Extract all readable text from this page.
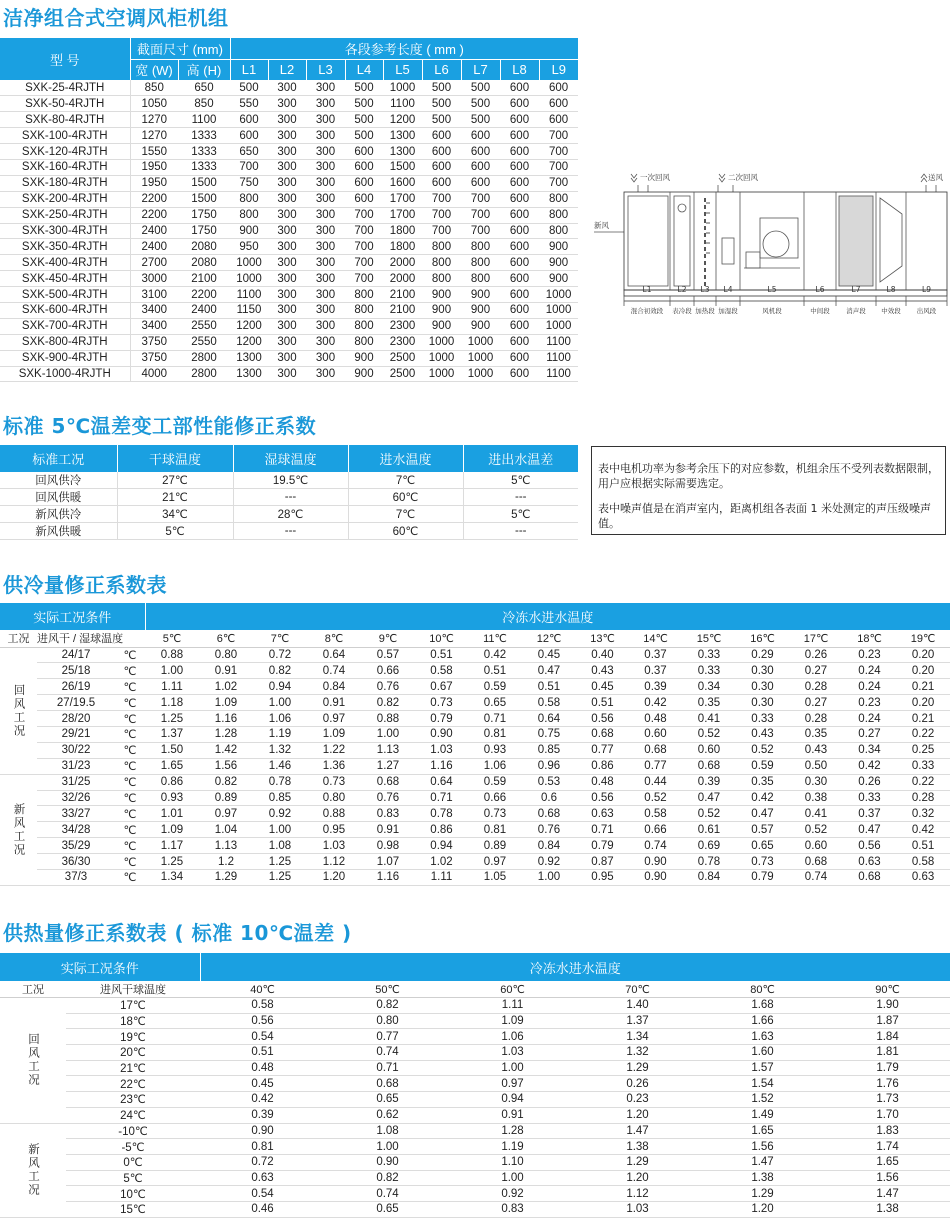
洁净组合式空调风柜机组
标准 5℃温差变工部性能修正系数
供冷量修正系数表
供热量修正系数表 ( 标准 10℃温差 )
型 号	截面尺寸 (mm)		各段参考长度 ( mm )								
	宽 (W)	高 (H)	L1	L2	L3	L4	L5	L6	L7	L8	L9
SXK-25-4RJTH	850	650	500	300	300	500	1000	500	500	600	600
SXK-50-4RJTH	1050	850	550	300	300	500	1100	500	500	600	600
SXK-80-4RJTH	1270	1100	600	300	300	500	1200	500	500	600	600
SXK-100-4RJTH	1270	1333	600	300	300	500	1300	600	600	600	700
SXK-120-4RJTH	1550	1333	650	300	300	600	1300	600	600	600	700
SXK-160-4RJTH	1950	1333	700	300	300	600	1500	600	600	600	700
SXK-180-4RJTH	1950	1500	750	300	300	600	1600	600	600	600	700
SXK-200-4RJTH	2200	1500	800	300	300	600	1700	700	700	600	800
SXK-250-4RJTH	2200	1750	800	300	300	700	1700	700	700	600	800
SXK-300-4RJTH	2400	1750	900	300	300	700	1800	700	700	600	800
SXK-350-4RJTH	2400	2080	950	300	300	700	1800	800	800	600	900
SXK-400-4RJTH	2700	2080	1000	300	300	700	2000	800	800	600	900
SXK-450-4RJTH	3000	2100	1000	300	300	700	2000	800	800	600	900
SXK-500-4RJTH	3100	2200	1100	300	300	800	2100	900	900	600	1000
SXK-600-4RJTH	3400	2400	1150	300	300	800	2100	900	900	600	1000
SXK-700-4RJTH	3400	2550	1200	300	300	800	2300	900	900	600	1000
SXK-800-4RJTH	3750	2550	1200	300	300	800	2300	1000	1000	600	1100
SXK-900-4RJTH	3750	2800	1300	300	300	900	2500	1000	1000	600	1100
SXK-1000-4RJTH	4000	2800	1300	300	300	900	2500	1000	1000	600	1100
一次回风	二次回风	送风
新风
L1
混合初效段
L2
表冷段
L3
加热段
L4
加湿段
L5
风机段
L6
中间段
L7
消声段
L8
中效段
L9
出风段
标准工况	干球温度	湿球温度	进水温度	进出水温差
回风供冷	27℃	19.5℃	7℃	5℃
回风供暖	21℃	---	60℃	---
新风供冷	34℃	28℃	7℃	5℃
新风供暖	5℃	---	60℃	---

表中电机功率为参考余压下的对应参数，机组余压不受列表数据限制，用户应根据实际需要选定。

表中噪声值是在消声室内，距离机组各表面 1 米处测定的声压级噪声值。

实际工况条件			冷冻水进水温度														
工况	进风干 / 湿球温度		5℃	6℃	7℃	8℃	9℃	10℃	11℃	12℃	13℃	14℃	15℃	16℃	17℃	18℃	19℃
回风工况	24/17	℃	0.88	0.80	0.72	0.64	0.57	0.51	0.42	0.45	0.40	0.37	0.33	0.29	0.26	0.23	0.20
	25/18	℃	1.00	0.91	0.82	0.74	0.66	0.58	0.51	0.47	0.43	0.37	0.33	0.30	0.27	0.24	0.20
	26/19	℃	1.11	1.02	0.94	0.84	0.76	0.67	0.59	0.51	0.45	0.39	0.34	0.30	0.28	0.24	0.21
	27/19.5	℃	1.18	1.09	1.00	0.91	0.82	0.73	0.65	0.58	0.51	0.42	0.35	0.30	0.27	0.23	0.20
	28/20	℃	1.25	1.16	1.06	0.97	0.88	0.79	0.71	0.64	0.56	0.48	0.41	0.33	0.28	0.24	0.21
	29/21	℃	1.37	1.28	1.19	1.09	1.00	0.90	0.81	0.75	0.68	0.60	0.52	0.43	0.35	0.27	0.22
	30/22	℃	1.50	1.42	1.32	1.22	1.13	1.03	0.93	0.85	0.77	0.68	0.60	0.52	0.43	0.34	0.25
	31/23	℃	1.65	1.56	1.46	1.36	1.27	1.16	1.06	0.96	0.86	0.77	0.68	0.59	0.50	0.42	0.33
新风工况	31/25	℃	0.86	0.82	0.78	0.73	0.68	0.64	0.59	0.53	0.48	0.44	0.39	0.35	0.30	0.26	0.22
	32/26	℃	0.93	0.89	0.85	0.80	0.76	0.71	0.66	0.6	0.56	0.52	0.47	0.42	0.38	0.33	0.28
	33/27	℃	1.01	0.97	0.92	0.88	0.83	0.78	0.73	0.68	0.63	0.58	0.52	0.47	0.41	0.37	0.32
	34/28	℃	1.09	1.04	1.00	0.95	0.91	0.86	0.81	0.76	0.71	0.66	0.61	0.57	0.52	0.47	0.42
	35/29	℃	1.17	1.13	1.08	1.03	0.98	0.94	0.89	0.84	0.79	0.74	0.69	0.65	0.60	0.56	0.51
	36/30	℃	1.25	1.2	1.25	1.12	1.07	1.02	0.97	0.92	0.87	0.90	0.78	0.73	0.68	0.63	0.58
	37/3	℃	1.34	1.29	1.25	1.20	1.16	1.11	1.05	1.00	0.95	0.90	0.84	0.79	0.74	0.68	0.63
实际工况条件		冷冻水进水温度					
工况	进风干球温度	40℃	50℃	60℃	70℃	80℃	90℃
回风工况	17℃	0.58	0.82	1.11	1.40	1.68	1.90
	18℃	0.56	0.80	1.09	1.37	1.66	1.87
	19℃	0.54	0.77	1.06	1.34	1.63	1.84
	20℃	0.51	0.74	1.03	1.32	1.60	1.81
	21℃	0.48	0.71	1.00	1.29	1.57	1.79
	22℃	0.45	0.68	0.97	0.26	1.54	1.76
	23℃	0.42	0.65	0.94	0.23	1.52	1.73
	24℃	0.39	0.62	0.91	1.20	1.49	1.70
新风工况	-10℃	0.90	1.08	1.28	1.47	1.65	1.83
	-5℃	0.81	1.00	1.19	1.38	1.56	1.74
	0℃	0.72	0.90	1.10	1.29	1.47	1.65
	5℃	0.63	0.82	1.00	1.20	1.38	1.56
	10℃	0.54	0.74	0.92	1.12	1.29	1.47
	15℃	0.46	0.65	0.83	1.03	1.20	1.38
